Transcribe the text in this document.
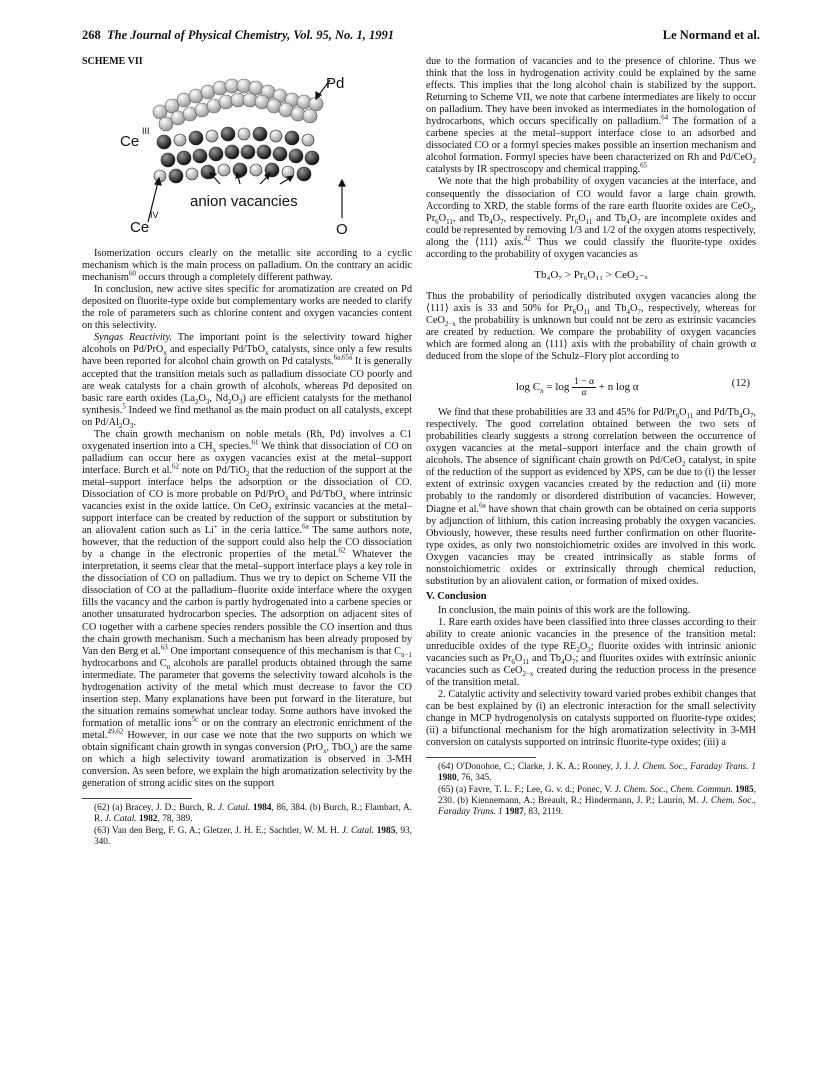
268 The Journal of Physical Chemistry, Vol. 95, No. 1, 1991	Le Normand et al.
SCHEME VII
Pd
Ce
III
Ce
IV
anion vacancies
O

Isomerization occurs clearly on the metallic site according to a cyclic mechanism which is the main process on palladium. On the contrary an acidic mechanism$^{60}$ occurs through a completely different pathway.

In conclusion, new active sites specific for aromatization are created on Pd deposited on fluorite-type oxide but complementary works are needed to clarify the role of parameters such as chlorine content and oxygen vacancies content on this selectivity.

Syngas Reactivity. The important point is the selectivity toward higher alcohols on Pd/PrO$_x$ and especially Pd/TbO$_x$ catalysts, since only a few results have been reported for alcohol chain growth on Pd catalysts.$^{6a,65a}$ It is generally accepted that the transition metals such as palladium dissociate CO poorly and are weak catalysts for a chain growth of alcohols, whereas Pd deposited on basic rare earth oxides ($La_2O_3$, $Nd_2O_3$) are efficient catalysts for the methanol synthesis.$^5$ Indeed we find methanol as the main product on all catalysts, except on $Pd/Al_2O_3$.

The chain growth mechanism on noble metals (Rh, Pd) involves a C1 oxygenated insertion into a $CH_x$ species.$^{61}$ We think that dissociation of CO on palladium can occur here as oxygen vacancies exist at the metal–support interface. Burch et al.$^{62}$ note on Pd/TiO$_2$ that the reduction of the support at the metal–support interface helps the adsorption or the dissociation of CO. Dissociation of CO is more probable on Pd/PrO$_x$ and Pd/TbO$_x$ where intrinsic vacancies exist in the oxide lattice. On CeO$_2$ extrinsic vacancies at the metal–support interface can be created by reduction of the support or substitution by an aliovalent cation such as Li+ in the ceria lattice.$^{6a}$ The same authors note, however, that the reduction of the support could also help the CO dissociation by a change in the electronic properties of the metal.$^{62}$ Whatever the interpretation, it seems clear that the metal–support interface plays a key role in the dissociation of CO on palladium. Thus we try to depict on Scheme VII the dissociation of CO at the palladium–fluorite oxide interface where the oxygen fills the vacancy and the carbon is partly hydrogenated into a carbene species or another unsaturated hydrocarbon species. The adsorption on adjacent sites of CO together with a carbene species renders possible the CO insertion and thus the chain growth mechanism. Such a mechanism has been already proposed by Van den Berg et al.$^{63}$ One important consequence of this mechanism is that $C_{n-1}$ hydrocarbons and $C_n$ alcohols are parallel products obtained through the same intermediate. The parameter that governs the selectivity toward alcohols is the hydrogenation activity of the metal which must decrease to favor the CO insertion step. Many explanations have been put forward in the literature, but the situation remains somewhat unclear today. Some authors have invoked the formation of metallic ions$^{5c}$ or on the contrary an electronic enrichment of the metal.$^{49,62}$ However, in our case we note that the two supports on which we obtain significant chain growth in syngas conversion (PrO$_x$, TbO$_x$) are the same on which a high selectivity toward aromatization is observed in 3-MH conversion. As seen before, we explain the high aromatization selectivity by the generation of strong acidic sites on the support

(62) (a) Bracey, J. D.; Burch, R. J. Catal. 1984, 86, 384. (b) Burch, R.; Flambart, A. R. J. Catal. 1982, 78, 389.

(63) Van den Berg, F. G. A.; Gletzer, J. H. E.; Sachtler, W. M. H. J. Catal. 1985, 93, 340.

due to the formation of vacancies and to the presence of chlorine. Thus we think that the loss in hydrogenation activity could be explained by the same effects. This implies that the long alcohol chain is stabilized by the support. Returning to Scheme VII, we note that carbene intermediates are likely to occur on palladium. They have been invoked as intermediates in the homologation of hydrocarbons, which occurs specifically on palladium.$^{64}$ The formation of a carbene species at the metal–support interface close to an adsorbed and dissociated CO or a formyl species makes possible an insertion mechanism and alcohol formation. Formyl species have been characterized on Rh and Pd/CeO$_2$ catalysts by IR spectroscopy and chemical trapping.$^{65}$

We note that the high probability of oxygen vacancies at the interface, and consequently the dissociation of CO would favor a large chain growth. According to XRD, the stable forms of the rare earth fluorite oxides are CeO$_2$, $Pr_6O_{11}$, and $Tb_4O_7$, respectively. $Pr_6O_{11}$ and $Tb_4O_7$ are incomplete oxides and could be represented by removing 1/3 and 1/2 of the oxygen atoms respectively, along the ⟨111⟩ axis.$^{42}$ Thus we could classify the fluorite-type oxides according to the probability of oxygen vacancies as

Tb₄O₇ > Pr₆O₁₁ > CeO₂₋ₓ

Thus the probability of periodically distributed oxygen vacancies along the ⟨111⟩ axis is 33 and 50% for $Pr_6O_{11}$ and $Tb_4O_7$, respectively, whereas for CeO$_{2-x}$ the probability is unknown but could not be zero as extrinsic vacancies are created by reduction. We compare the probability of oxygen vacancies which are formed along an ⟨111⟩ axis with the probability of chain growth α deduced from the slope of the Schulz–Flory plot according to

$\log C_n = \log \frac{1 - \alpha}{\alpha} + n$ log α	(12)

We find that these probabilities are 33 and 45% for $Pd/Pr_6O_{11}$ and $Pd/Tb_4O_7$, respectively. The good correlation obtained between the two sets of probabilities clearly suggests a strong correlation between the occurrence of oxygen vacancies at the metal–support interface and the chain growth of alcohols. The absence of significant chain growth on Pd/CeO$_2$ catalyst, in spite of the reduction of the support as evidenced by XPS, can be due to (i) the lesser extent of extrinsic oxygen vacancies created by the reduction and (ii) more probably to the randomly or disordered distribution of vacancies. However, Diagne et al.$^{6a}$ have shown that chain growth can be obtained on ceria supports by adjunction of lithium, this cation increasing probably the oxygen vacancies. Obviously, however, these results need further confirmation on other fluorite-type oxides, as only two nonstoichiometric oxides are involved in this work. Oxygen vacancies may be created intrinsically as stable forms of nonstoichiometric oxides or extrinsically through chemical reduction, substitution by an aliovalent cation, or formation of mixed oxides.

V. Conclusion

In conclusion, the main points of this work are the following.

1. Rare earth oxides have been classified into three classes according to their ability to create anionic vacancies in the presence of the transition metal: unreducible oxides of the type $RE_2O_3$; fluorite oxides with intrinsic anionic vacancies such as $Pr_6O_{11}$ and $Tb_4O_7$; and fluorites oxides with extrinsic anionic vacancies such as CeO$_{2-x}$ created during the reduction process in the presence of the transition metal.

2. Catalytic activity and selectivity toward varied probes exhibit changes that can be best explained by (i) an electronic interaction for the small selectivity change in MCP hydrogenolysis on catalysts supported on fluorite-type oxides; (ii) a bifunctional mechanism for the high aromatization selectivity in 3-MH conversion on catalysts supported on intrinsic fluorite-type oxides; (iii) a

(64) O'Donohoe, C.; Clarke, J. K. A.; Rooney, J. J. J. Chem. Soc., Faraday Trans. 1 1980, 76, 345.

(65) (a) Favre, T. L. F.; Lee, G. v. d.; Ponec, V. J. Chem. Soc., Chem. Commun. 1985, 230. (b) Kiennemann, A.; Breault, R.; Hindermann, J. P.; Laurin, M. J. Chem. Soc., Faraday Trans. 1 1987, 83, 2119.
